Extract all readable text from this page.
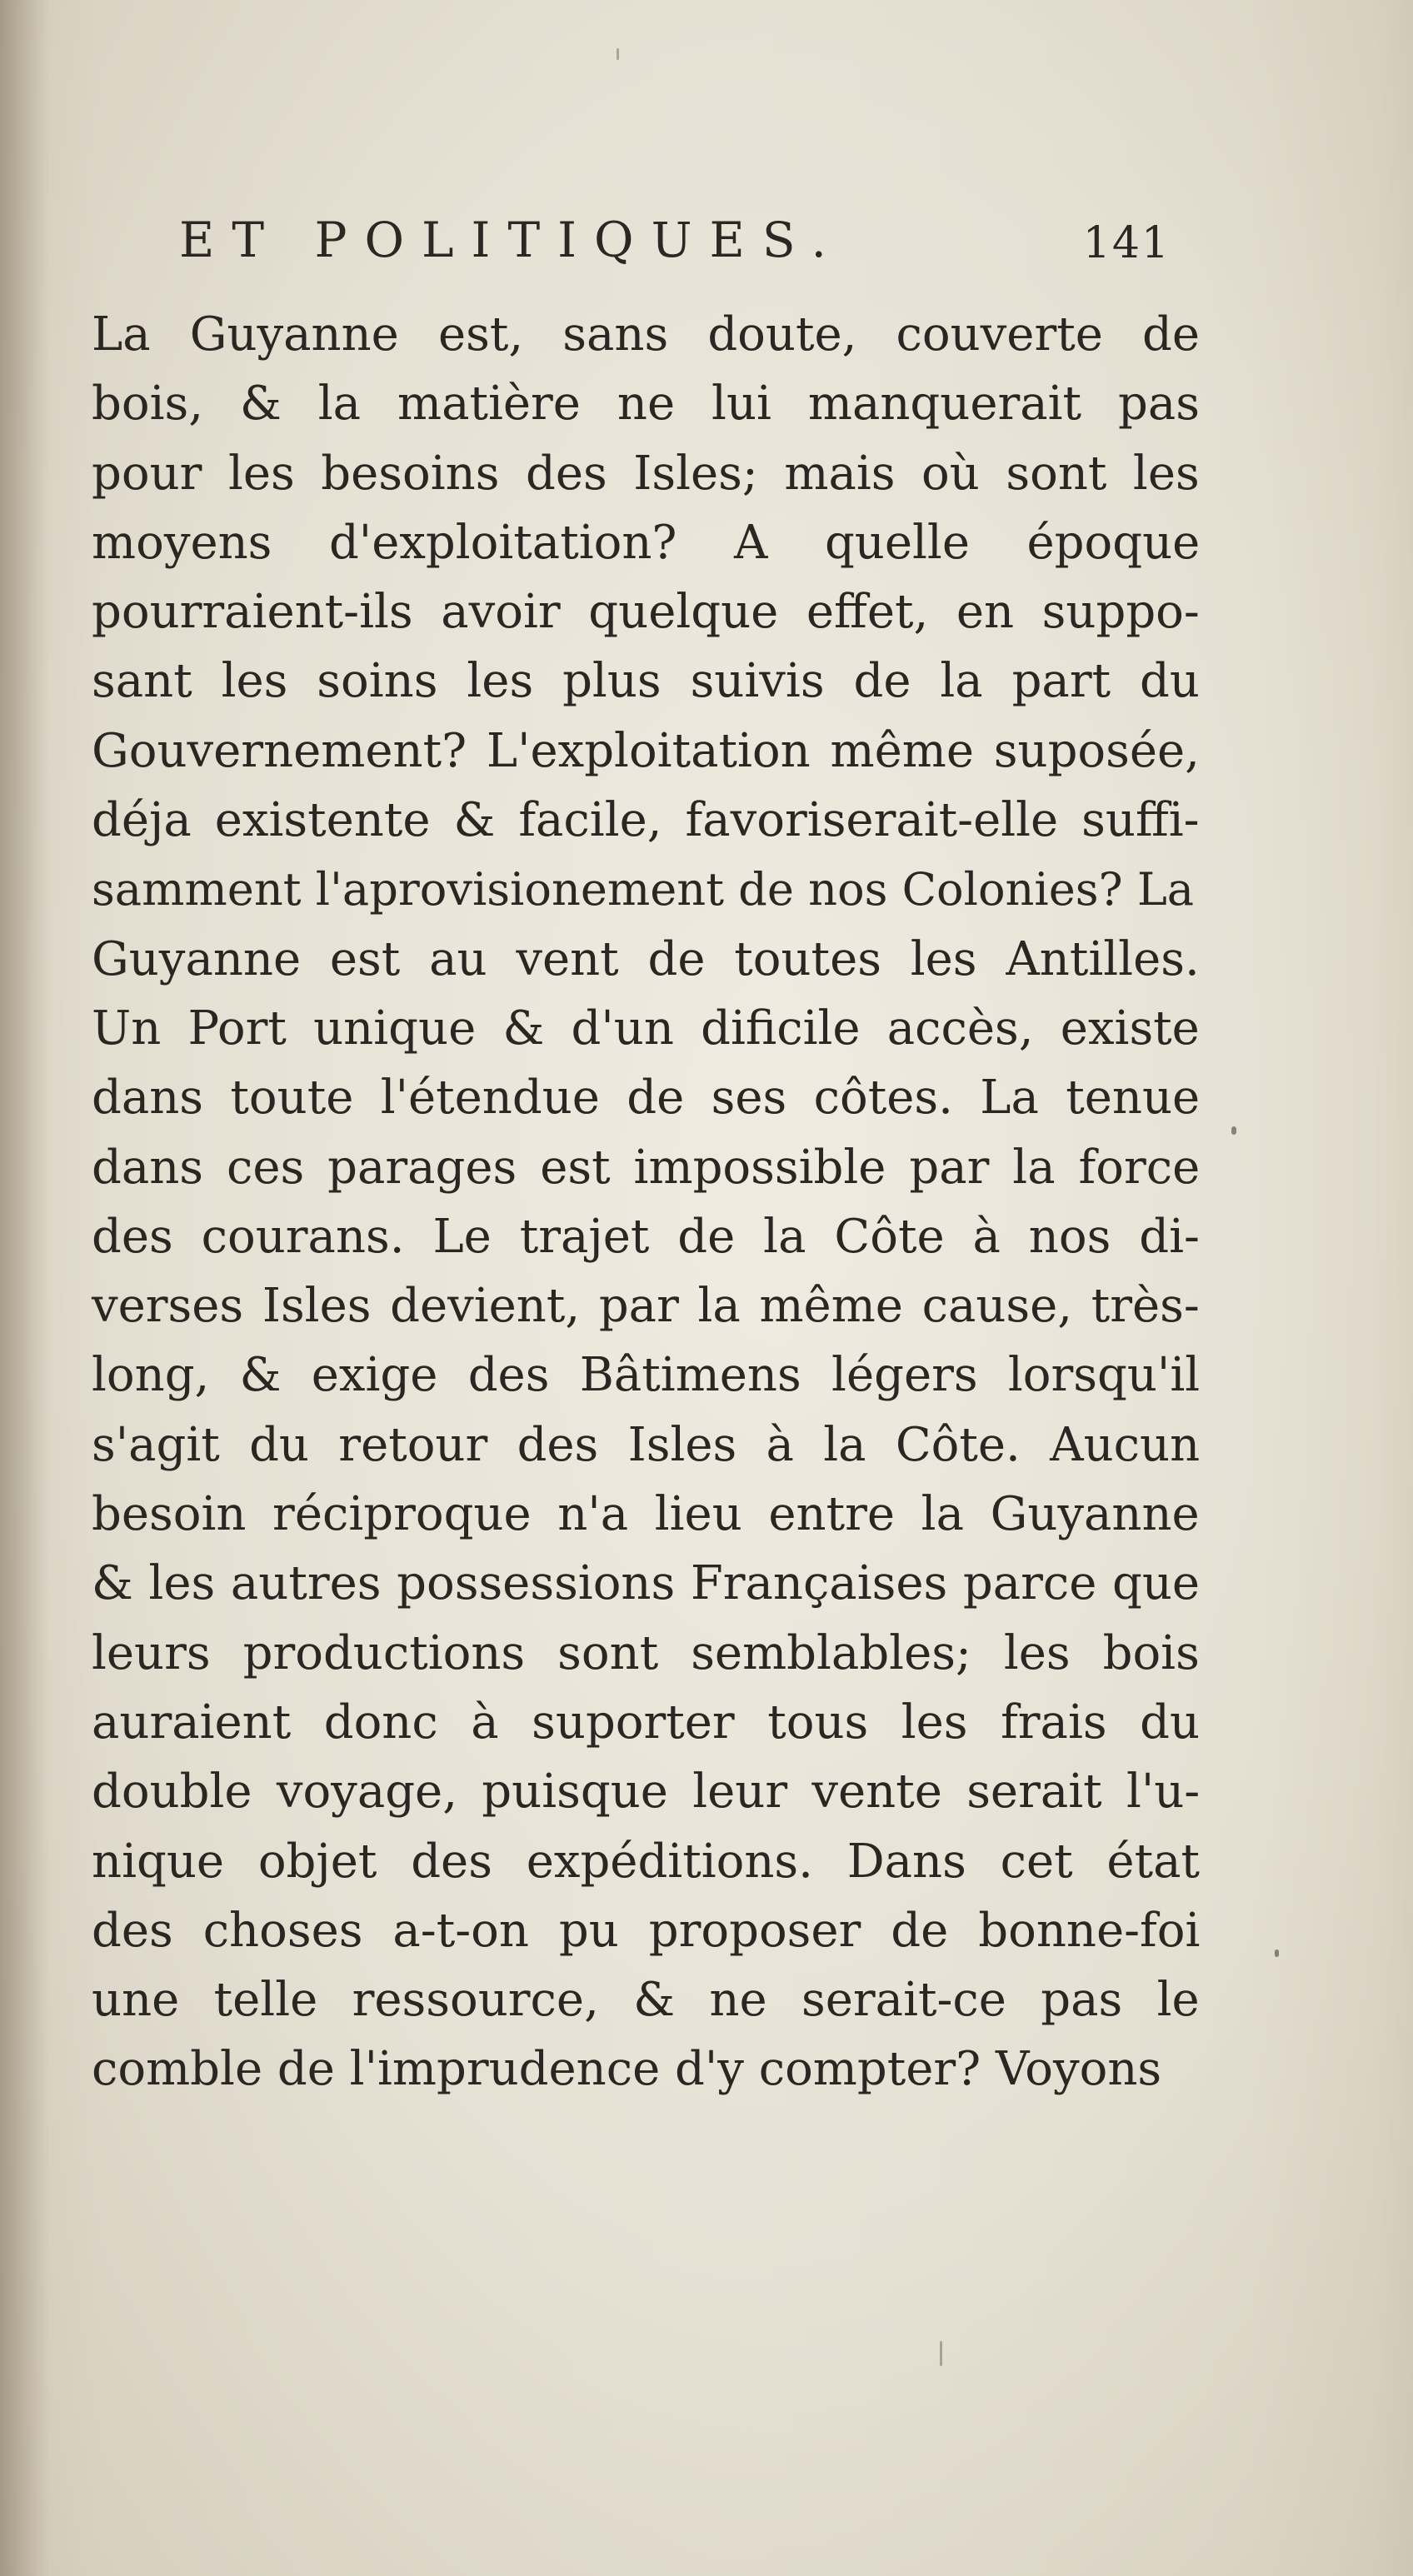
ET POLITIQUES.	141
La Guyanne est, sans doute, couverte de
bois, & la matière ne lui manquerait pas
pour les besoins des Isles; mais où sont les
moyens d'exploitation? A quelle époque
pourraient-ils avoir quelque effet, en suppo-
sant les soins les plus suivis de la part du
Gouvernement? L'exploitation même suposée,
déja existente & facile, favoriserait-elle suffi-
samment l'aprovisionement de nos Colonies? La
Guyanne est au vent de toutes les Antilles.
Un Port unique & d'un dificile accès, existe
dans toute l'étendue de ses côtes. La tenue
dans ces parages est impossible par la force
des courans. Le trajet de la Côte à nos di-
verses Isles devient, par la même cause, très-
long, & exige des Bâtimens légers lorsqu'il
s'agit du retour des Isles à la Côte. Aucun
besoin réciproque n'a lieu entre la Guyanne
& les autres possessions Françaises parce que
leurs productions sont semblables; les bois
auraient donc à suporter tous les frais du
double voyage, puisque leur vente serait l'u-
nique objet des expéditions. Dans cet état
des choses a-t-on pu proposer de bonne-foi
une telle ressource, & ne serait-ce pas le
comble de l'imprudence d'y compter? Voyons
